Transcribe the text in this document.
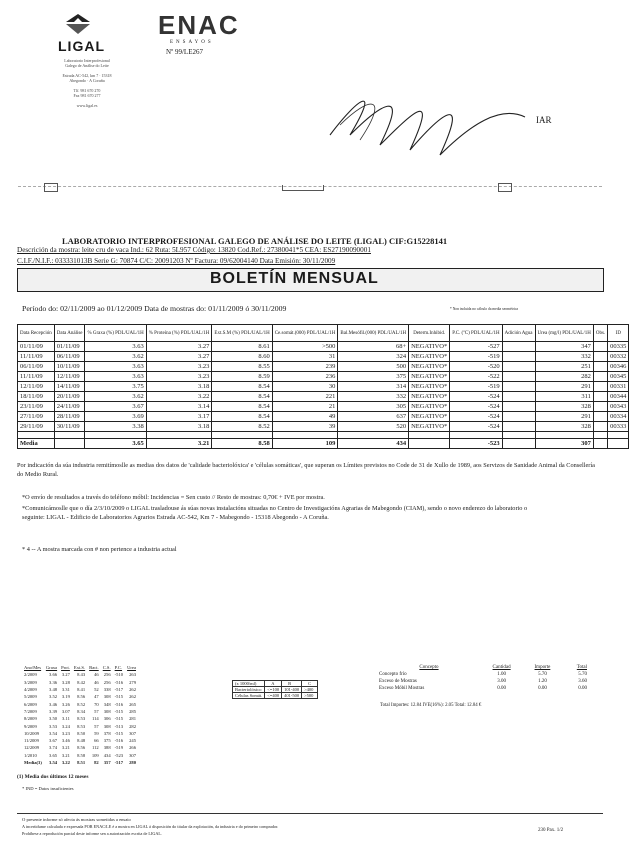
LIGAL
Laboratorio Interprofesional
Galego de Análise do Leite
Estrada AC-542, km 7 · 15318
Abegondo · A Coruña
Tlf. 981 670 270
Fax 981 670 277
www.ligal.es
ENAC
ENSAYOS
Nº 99/LE267
IAR
LABORATORIO INTERPROFESIONAL GALEGO DE ANÁLISE DO LEITE (LIGAL) CIF:G15228141
Descrición da mostra: leite cru de vaca Ind.: 62 Ruta: 5L957 Código: 13820 Cod.Ref.: 27380041*5 CEA: ES27190090001
C.I.F./N.I.F.: 033331013B Serie G: 70874 C/C: 20091203 Nº Factura: 09/62004140 Data Emisión: 30/11/2009
BOLETÍN MENSUAL
Período do: 02/11/2009 ao 01/12/2009 Data de mostras do: 01/11/2009 ó 30/11/2009	* Non incluida no cálculo da media xeométrica
Data Recepción	Data Análise	% Graxa (%) PDL/UAL/1H	% Proteína (%) PDL/UAL/1H	Ext.S.M (%) PDL/UAL/1H	Ce.somát.(000) PDL/UAL/1H	Bal.Mesófil.(000) PDL/UAL/1H	Determ.Inhibid.	P.C. (ºC) PDL/UAL/1H	Adición Agua	Urea (mg/l) PDL/UAL/1H	Obs.	ID
01/11/09	01/11/09	3.63	3.27	8.61	>500	68+	NEGATIVO*	-527		347		00335
11/11/09	06/11/09	3.62	3.27	8.60	31	324	NEGATIVO*	-519		332		00332
06/11/09	10/11/09	3.63	3.23	8.55	239	500	NEGATIVO*	-520		251		00346
11/11/09	12/11/09	3.63	3.23	8.59	236	375	NEGATIVO*	-522		282		00345
12/11/09	14/11/09	3.75	3.18	8.54	30	314	NEGATIVO*	-519		291		00331
18/11/09	20/11/09	3.62	3.22	8.54	221	332	NEGATIVO*	-524		311		00344
23/11/09	24/11/09	3.67	3.14	8.54	21	305	NEGATIVO*	-524		328		00343
27/11/09	28/11/09	3.69	3.17	8.54	49	637	NEGATIVO*	-524		291		00334
29/11/09	30/11/09	3.38	3.18	8.52	39	520	NEGATIVO*	-524		328		00333

Media		3.65	3.21	8.58	109	434		-523		307		
Por indicación da súa industria remitímoslle as medias dos datos de 'calidade bacteriolóxica' e 'células somáticas', que superan os Límites previstos no Code de 31 de Xullo de 1989, aos Servizos de Sanidade Animal da Consellería do Medio Rural.
*O envío de resultados a través do teléfono móbil: Incidencias = Sen custo // Resto de mostras: 0,70€ + IVE por mostra.
*Comunicámoslle que o día 2/3/10/2009 o LIGAL trasladouse ás súas novas instalacións situadas no Centro de Investigacións Agrarias de Mabegondo (CIAM), sendo o novo enderezo do laboratorio o seguinte: LIGAL - Edificio de Laboratorios Agrarios Estrada AC-542, Km 7 - Mabegondo - 15318 Abegondo - A Coruña.
* 4 -- A mostra marcada con # non pertence a industria actual
Ano/Mes	Graxa	Prot.	Ext.S.	Bact.	C.S.	P.C.	Urea
2/2009	3.66	3.27	8.43	46	256	-510	263
3/2009	3.36	3.28	8.42	46	256	-516	279
4/2009	3.48	3.31	8.41	52	338	-517	262
5/2009	3.52	3.19	8.56	47	308	-515	262
6/2009	3.46	3.26	8.52	70	348	-516	265
7/2009	3.39	3.07	8.34	57	308	-515	285
8/2009	3.50	3.11	8.53	114	306	-515	281
9/2009	3.53	3.24	8.53	57	308	-513	282
10/2009	3.54	3.23	8.50	59	378	-515	307
11/2009	3.67	3.46	8.48	66	375	-516	245
12/2009	3.74	3.21	8.56	112	388	-519	266
1/2010	3.65	3.21	8.58	109	434	-523	307
Media(3)	3.54	3.22	8.51	82	357	-517	280
(x 1000/ml)	A	B	C
Bacteriolóxico	<=100	101-400	>400
Células Somát.	<=400	401-500	>500
Concepto	Cantidad	Importe	Total
Concepto frío	1.00	5.70	5.70
Exceso de Mostras	3.00	1.20	3.60
Exceso Móbil Mostras	0.00	0.00	0.00
Total Importes: 12.84 IVE(16%): 2.05 Total: 12.84 €
(1) Media dos últimos 12 meses
* IND = Datos insuficientes
O presente informe só afecta ás mostras sometidas a ensaio
A incertidume calculada e expresada POR ENAC/LE é a mostra en LIGAL á disposición do titular da explotación, da industria e do primeiro comprador.
Prohíbese a reprodución parcial deste informe sen a autorización escrita de LIGAL.
230 Pax. 1/2
